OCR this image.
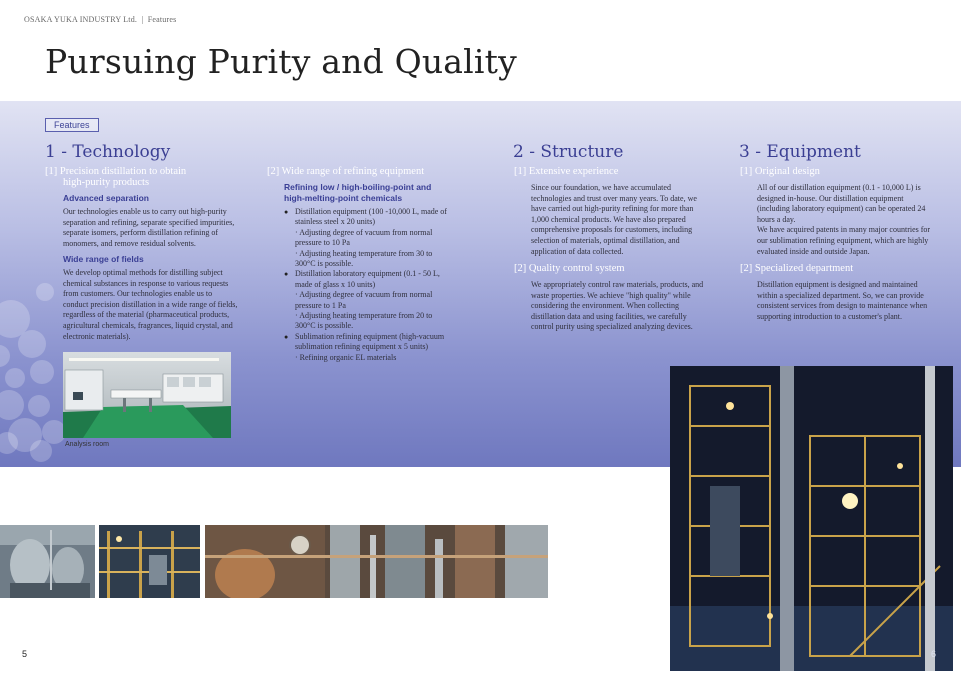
OSAKA YUKA INDUSTRY Ltd. | Features
Pursuing Purity and Quality
Features
1 - Technology
[1] Precision distillation to obtain
high-purity products
Advanced separation
Our technologies enable us to carry out high-purity separation and refining, separate specified impurities, separate isomers, perform distillation refining of monomers, and remove residual solvents.
Wide range of fields
We develop optimal methods for distilling subject chemical substances in response to various requests from customers. Our technologies enable us to conduct precision distillation in a wide range of fields, regardless of the material (pharmaceutical products, agricultural chemicals, fragrances, liquid crystal, and electronic materials).
Analysis room
[2] Wide range of refining equipment
Refining low / high-boiling-point and high-melting-point chemicals
● Distillation equipment (100 -10,000 L, made of stainless steel x 20 units)
· Adjusting degree of vacuum from normal pressure to 10 Pa
· Adjusting heating temperature from 30 to 300°C is possible.
● Distillation laboratory equipment (0.1 - 50 L, made of glass x 10 units)
· Adjusting degree of vacuum from normal pressure to 1 Pa
· Adjusting heating temperature from 20 to 300°C is possible.
● Sublimation refining equipment (high-vacuum sublimation refining equipment x 5 units)
· Refining organic EL materials
2 - Structure
[1] Extensive experience
Since our foundation, we have accumulated technologies and trust over many years. To date, we have carried out high-purity refining for more than 1,000 chemical products. We have also prepared comprehensive proposals for customers, including selection of materials, optimal distillation, and application of data collected.
[2] Quality control system
We appropriately control raw materials, products, and waste properties. We achieve "high quality" while considering the environment. When collecting distillation data and using facilities, we carefully control purity using specialized analyzing devices.
3 - Equipment
[1] Original design
All of our distillation equipment (0.1 - 10,000 L) is designed in-house. Our distillation equipment (including laboratory equipment) can be operated 24 hours a day.
We have acquired patents in many major countries for our sublimation refining equipment, which are highly evaluated inside and outside Japan.
[2] Specialized department
Distillation equipment is designed and maintained within a specialized department. So, we can provide consistent services from design to maintenance when supporting introduction to a customer's plant.
5	6
